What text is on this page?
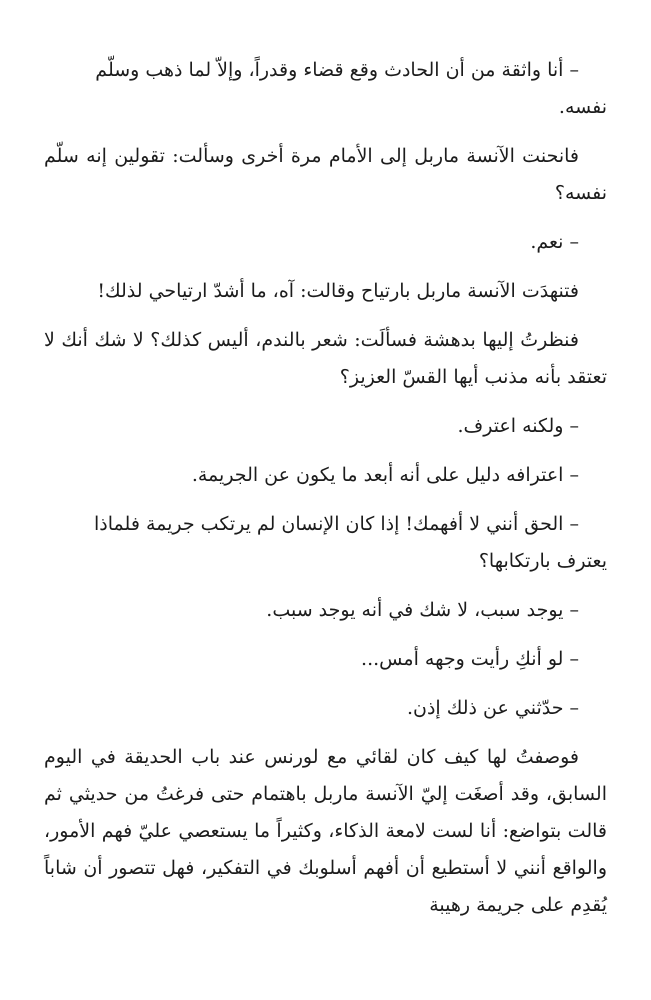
– أنا واثقة من أن الحادث وقع قضاء وقدراً، وإلاّ لما ذهب وسلّم نفسه.

فانحنت الآنسة ماربل إلى الأمام مرة أخرى وسألت: تقولين إنه سلّم نفسه؟

– نعم.

فتنهدَت الآنسة ماربل بارتياح وقالت: آه، ما أشدّ ارتياحي لذلك!

فنظرتُ إليها بدهشة فسألَت: شعر بالندم، أليس كذلك؟ لا شك أنك لا تعتقد بأنه مذنب أيها القسّ العزيز؟

– ولكنه اعترف.

– اعترافه دليل على أنه أبعد ما يكون عن الجريمة.

– الحق أنني لا أفهمك! إذا كان الإنسان لم يرتكب جريمة فلماذا يعترف بارتكابها؟

– يوجد سبب، لا شك في أنه يوجد سبب.

– لو أنكِ رأيت وجهه أمس...

– حدّثني عن ذلك إذن.

فوصفتُ لها كيف كان لقائي مع لورنس عند باب الحديقة في اليوم السابق، وقد أصغَت إليّ الآنسة ماربل باهتمام حتى فرغتُ من حديثي ثم قالت بتواضع: أنا لست لامعة الذكاء، وكثيراً ما يستعصي عليّ فهم الأمور، والواقع أنني لا أستطيع أن أفهم أسلوبك في التفكير، فهل تتصور أن شاباً يُقدِم على جريمة رهيبة
